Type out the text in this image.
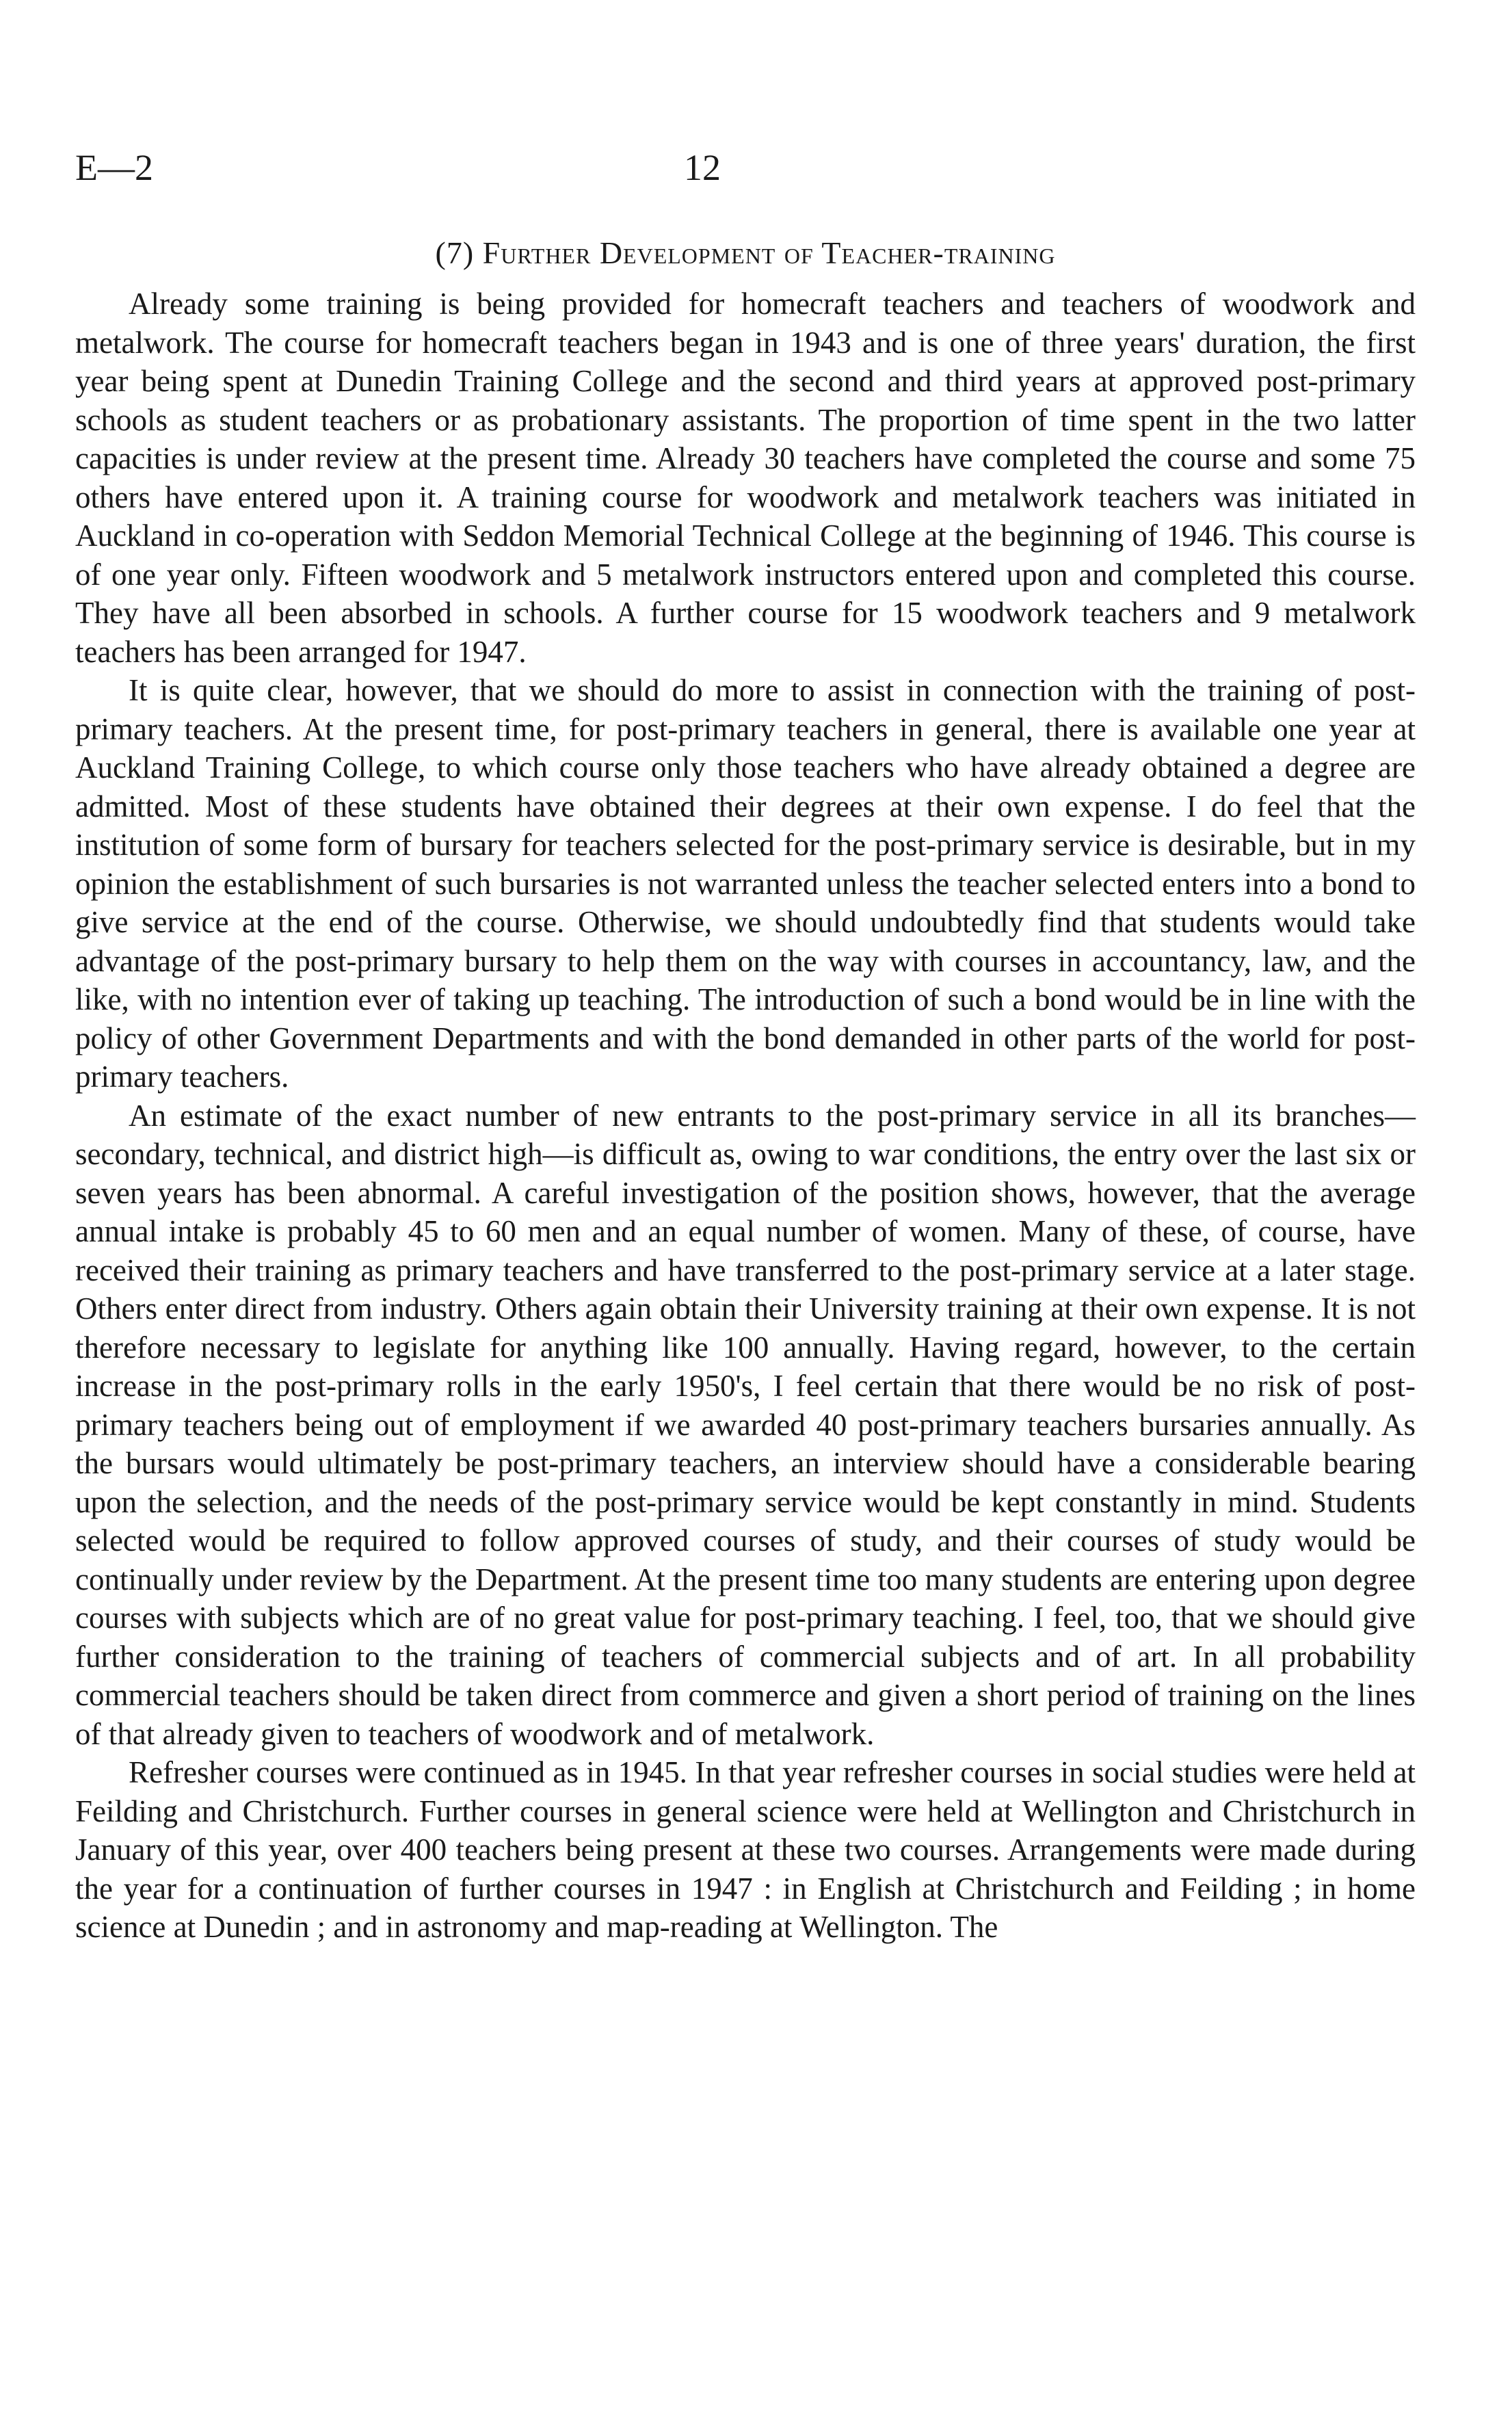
E—2	12
(7) Further Development of Teacher-training

Already some training is being provided for homecraft teachers and teachers of woodwork and metalwork. The course for homecraft teachers began in 1943 and is one of three years' duration, the first year being spent at Dunedin Training College and the second and third years at approved post-primary schools as student teachers or as probationary assistants. The proportion of time spent in the two latter capacities is under review at the present time. Already 30 teachers have completed the course and some 75 others have entered upon it. A training course for woodwork and metalwork teachers was initiated in Auckland in co-operation with Seddon Memorial Technical College at the beginning of 1946. This course is of one year only. Fifteen woodwork and 5 metalwork instructors entered upon and completed this course. They have all been absorbed in schools. A further course for 15 woodwork teachers and 9 metalwork teachers has been arranged for 1947.

It is quite clear, however, that we should do more to assist in connection with the training of post-primary teachers. At the present time, for post-primary teachers in general, there is available one year at Auckland Training College, to which course only those teachers who have already obtained a degree are admitted. Most of these students have obtained their degrees at their own expense. I do feel that the institution of some form of bursary for teachers selected for the post-primary service is desirable, but in my opinion the establishment of such bursaries is not warranted unless the teacher selected enters into a bond to give service at the end of the course. Otherwise, we should undoubtedly find that students would take advantage of the post-primary bursary to help them on the way with courses in accountancy, law, and the like, with no intention ever of taking up teaching. The introduction of such a bond would be in line with the policy of other Government Departments and with the bond demanded in other parts of the world for post-primary teachers.

An estimate of the exact number of new entrants to the post-primary service in all its branches—secondary, technical, and district high—is difficult as, owing to war conditions, the entry over the last six or seven years has been abnormal. A careful investigation of the position shows, however, that the average annual intake is probably 45 to 60 men and an equal number of women. Many of these, of course, have received their training as primary teachers and have transferred to the post-primary service at a later stage. Others enter direct from industry. Others again obtain their University training at their own expense. It is not therefore necessary to legislate for anything like 100 annually. Having regard, however, to the certain increase in the post-primary rolls in the early 1950's, I feel certain that there would be no risk of post-primary teachers being out of employment if we awarded 40 post-primary teachers bursaries annually. As the bursars would ultimately be post-primary teachers, an interview should have a considerable bearing upon the selection, and the needs of the post-primary service would be kept constantly in mind. Students selected would be required to follow approved courses of study, and their courses of study would be continually under review by the Department. At the present time too many students are entering upon degree courses with subjects which are of no great value for post-primary teaching. I feel, too, that we should give further consideration to the training of teachers of commercial subjects and of art. In all probability commercial teachers should be taken direct from commerce and given a short period of training on the lines of that already given to teachers of woodwork and of metalwork.

Refresher courses were continued as in 1945. In that year refresher courses in social studies were held at Feilding and Christchurch. Further courses in general science were held at Wellington and Christchurch in January of this year, over 400 teachers being present at these two courses. Arrangements were made during the year for a continuation of further courses in 1947 : in English at Christchurch and Feilding ; in home science at Dunedin ; and in astronomy and map-reading at Wellington. The
